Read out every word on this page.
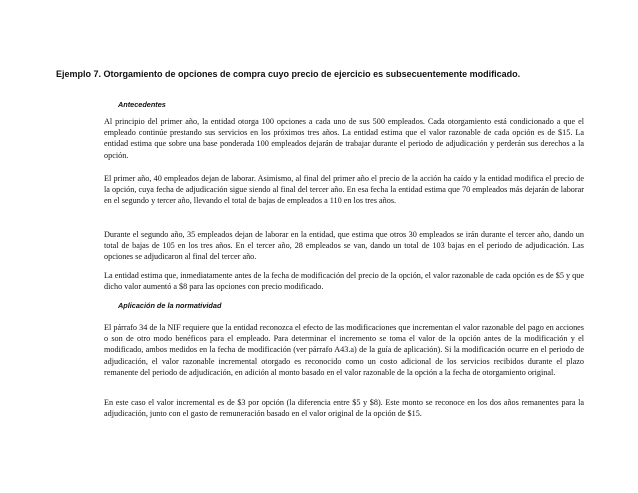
Ejemplo 7. Otorgamiento de opciones de compra cuyo precio de ejercicio es subsecuentemente modificado.
Antecedentes

Al principio del primer año, la entidad otorga 100 opciones a cada uno de sus 500 empleados. Cada otorgamiento está condicionado a que el empleado continúe prestando sus servicios en los próximos tres años. La entidad estima que el valor razonable de cada opción es de $15. La entidad estima que sobre una base ponderada 100 empleados dejarán de trabajar durante el periodo de adjudicación y perderán sus derechos a la opción.

El primer año, 40 empleados dejan de laborar. Asimismo, al final del primer año el precio de la acción ha caído y la entidad modifica el precio de la opción, cuya fecha de adjudicación sigue siendo al final del tercer año. En esa fecha la entidad estima que 70 empleados más dejarán de laborar en el segundo y tercer año, llevando el total de bajas de empleados a 110 en los tres años.

Durante el segundo año, 35 empleados dejan de laborar en la entidad, que estima que otros 30 empleados se irán durante el tercer año, dando un total de bajas de 105 en los tres años. En el tercer año, 28 empleados se van, dando un total de 103 bajas en el periodo de adjudicación. Las opciones se adjudicaron al final del tercer año.

La entidad estima que, inmediatamente antes de la fecha de modificación del precio de la opción, el valor razonable de cada opción es de $5 y que dicho valor aumentó a $8 para las opciones con precio modificado.

Aplicación de la normatividad

El párrafo 34 de la NIF requiere que la entidad reconozca el efecto de las modificaciones que incrementan el valor razonable del pago en acciones o son de otro modo benéficos para el empleado. Para determinar el incremento se toma el valor de la opción antes de la modificación y el modificado, ambos medidos en la fecha de modificación (ver párrafo A43.a) de la guía de aplicación). Si la modificación ocurre en el periodo de adjudicación, el valor razonable incremental otorgado es reconocido como un costo adicional de los servicios recibidos durante el plazo remanente del periodo de adjudicación, en adición al monto basado en el valor razonable de la opción a la fecha de otorgamiento original.

En este caso el valor incremental es de $3 por opción (la diferencia entre $5 y $8). Este monto se reconoce en los dos años remanentes para la adjudicación, junto con el gasto de remuneración basado en el valor original de la opción de $15.
